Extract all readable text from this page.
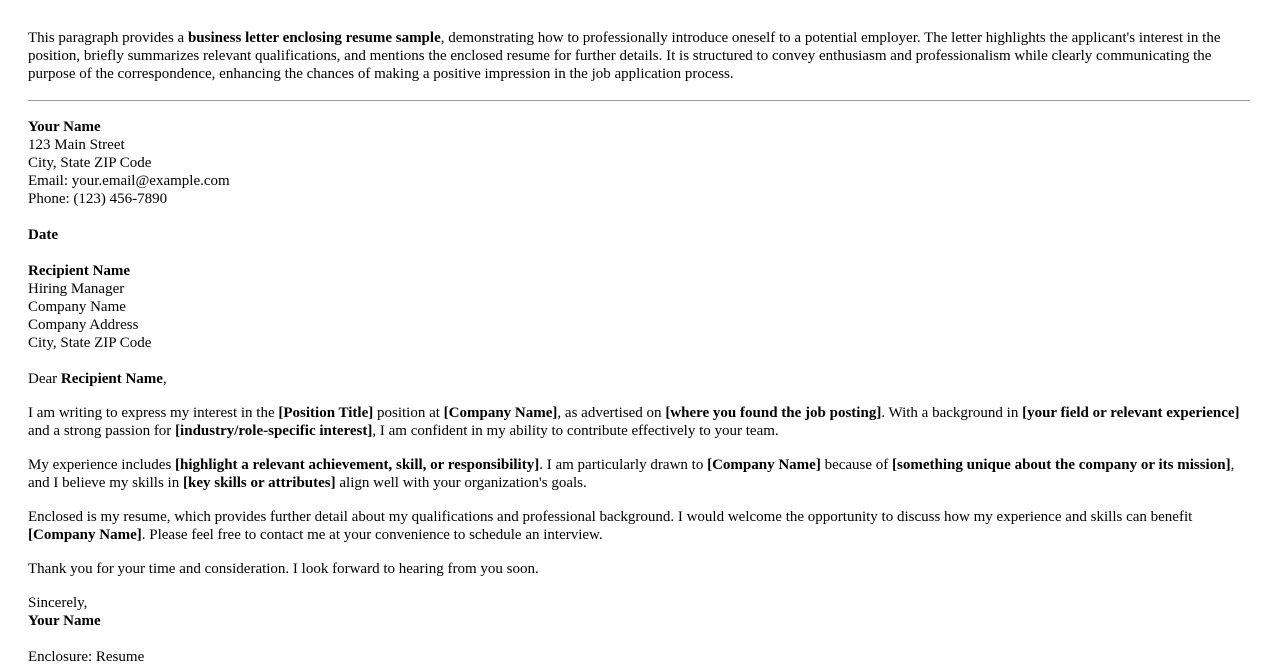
This paragraph provides a business letter enclosing resume sample, demonstrating how to professionally introduce oneself to a potential employer. The letter highlights the applicant's interest in the position, briefly summarizes relevant qualifications, and mentions the enclosed resume for further details. It is structured to convey enthusiasm and professionalism while clearly communicating the purpose of the correspondence, enhancing the chances of making a positive impression in the job application process.

Your Name
123 Main Street
City, State ZIP Code
Email: your.email@example.com
Phone: (123) 456-7890
Date
Recipient Name
Hiring Manager
Company Name
Company Address
City, State ZIP Code

Dear Recipient Name,

I am writing to express my interest in the [Position Title] position at [Company Name], as advertised on [where you found the job posting]. With a background in [your field or relevant experience] and a strong passion for [industry/role-specific interest], I am confident in my ability to contribute effectively to your team.

My experience includes [highlight a relevant achievement, skill, or responsibility]. I am particularly drawn to [Company Name] because of [something unique about the company or its mission], and I believe my skills in [key skills or attributes] align well with your organization's goals.

Enclosed is my resume, which provides further detail about my qualifications and professional background. I would welcome the opportunity to discuss how my experience and skills can benefit [Company Name]. Please feel free to contact me at your convenience to schedule an interview.

Thank you for your time and consideration. I look forward to hearing from you soon.

Sincerely,
Your Name

Enclosure: Resume
